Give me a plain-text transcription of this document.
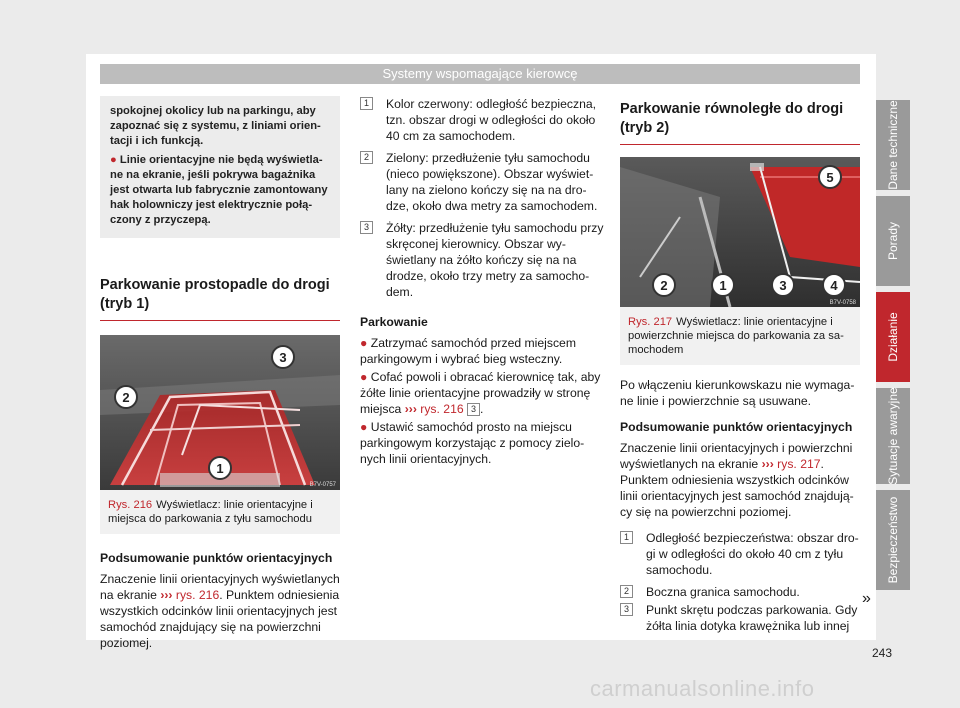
Systemy wspomagające kierowcę

spokojnej okolicy lub na parkingu, aby zapoznać się z systemu, z liniami orientacji i ich funkcją.

● Linie orientacyjne nie będą wyświetlane na ekranie, jeśli pokrywa bagażnika jest otwarta lub fabrycznie zamontowany hak holowniczy jest elektrycznie połączony z przyczepą.

Parkowanie prostopadle do drogi (tryb 1)
3
2
1
B7V-0757
Rys. 216 Wyświetlacz: linie orientacyjne i miejsca do parkowania z tyłu samochodu

Podsumowanie punktów orientacyjnych

Znaczenie linii orientacyjnych wyświetlanych na ekranie ››› rys. 216. Punktem odniesienia wszystkich odcinków linii orientacyjnych jest samochód znajdujący się na powierzchni poziomej.

1	Kolor czerwony: odległość bezpieczna, tzn. obszar drogi w odległości do około 40 cm za samochodem.
2	Zielony: przedłużenie tyłu samochodu (nieco powiększone). Obszar wyświetlany na zielono kończy się na na drodze, około dwa metry za samochodem.
3	Żółty: przedłużenie tyłu samochodu przy skręconej kierownicy. Obszar wyświetlany na żółto kończy się na na drodze, około trzy metry za samochodem.

Parkowanie

● Zatrzymać samochód przed miejscem parkingowym i wybrać bieg wsteczny.

● Cofać powoli i obracać kierownicę tak, aby żółte linie orientacyjne prowadziły w stronę miejsca ››› rys. 216 3 .

● Ustawić samochód prosto na miejscu parkingowym korzystając z pomocy zielonych linii orientacyjnych.

Parkowanie równoległe do drogi (tryb 2)
5
2	1	3	4
B7V-0758
Rys. 217 Wyświetlacz: linie orientacyjne i powierzchnie miejsca do parkowania za samochodem

Po włączeniu kierunkowskazu nie wymagane linie i powierzchnie są usuwane.

Podsumowanie punktów orientacyjnych

Znaczenie linii orientacyjnych i powierzchni wyświetlanych na ekranie ››› rys. 217. Punktem odniesienia wszystkich odcinków linii orientacyjnych jest samochód znajdujący się na powierzchni poziomej.

1	Odległość bezpieczeństwa: obszar drogi w odległości do około 40 cm z tyłu samochodu.
2	Boczna granica samochodu.
3	Punkt skrętu podczas parkowania. Gdy żółta linia dotyka krawężnika lub innej
»
Dane techniczne
Porady
Działanie
Sytuacje awaryjne
Bezpieczeństwo
243
carmanualsonline.info
